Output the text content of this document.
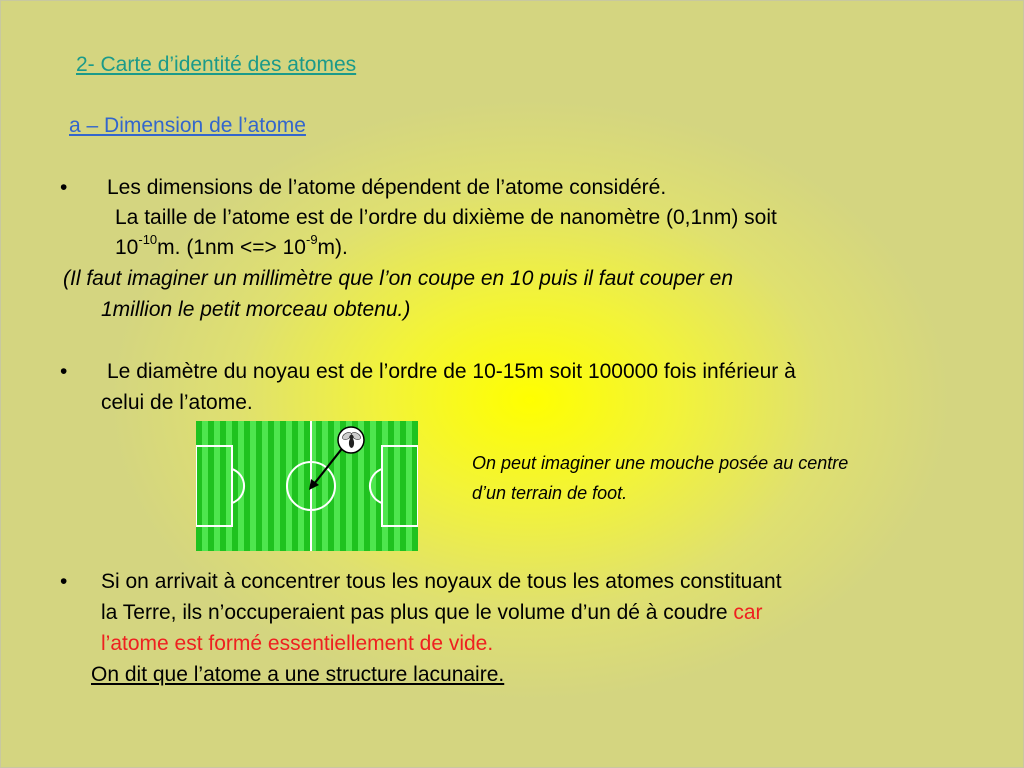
2- Carte d’identité des atomes
a – Dimension de l’atome
• Les dimensions de l’atome dépendent de l’atome considéré.
La taille de l’atome est de l’ordre du dixième de nanomètre (0,1nm) soit
$10^{-10}m$. (1nm <=> $10^{-9}m$).
(Il faut imaginer un millimètre que l’on coupe en 10 puis il faut couper en
1million le petit morceau obtenu.)
• Le diamètre du noyau est de l’ordre de 10-15m soit 100000 fois inférieur à
celui de l’atome.
On peut imaginer une mouche posée au centre
d’un terrain de foot.
• Si on arrivait à concentrer tous les noyaux de tous les atomes constituant
la Terre, ils n’occuperaient pas plus que le volume d’un dé à coudre car
l’atome est formé essentiellement de vide.
On dit que l’atome a une structure lacunaire.
